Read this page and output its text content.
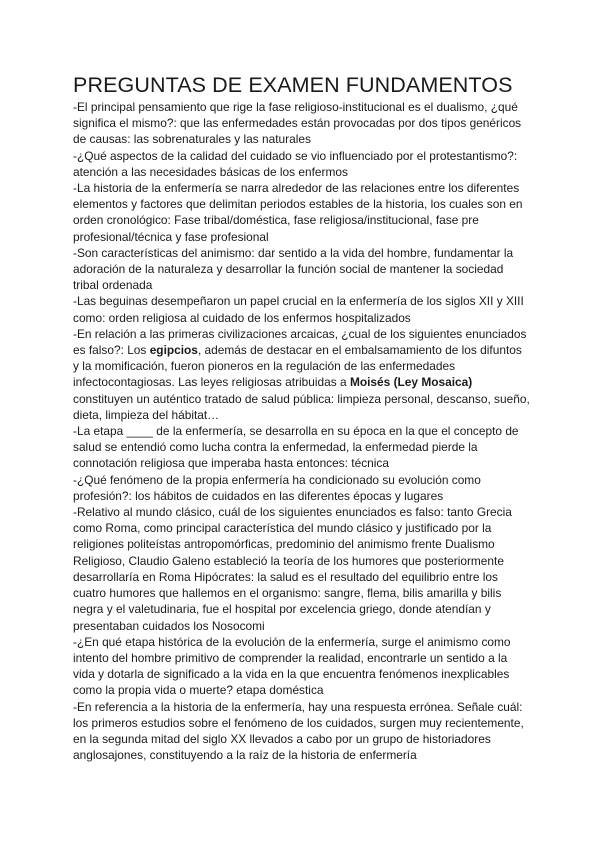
PREGUNTAS DE EXAMEN FUNDAMENTOS

-El principal pensamiento que rige la fase religioso-institucional es el dualismo, ¿qué significa el mismo?: que las enfermedades están provocadas por dos tipos genéricos de causas: las sobrenaturales y las naturales

-¿Qué aspectos de la calidad del cuidado se vio influenciado por el protestantismo?: atención a las necesidades básicas de los enfermos

-La historia de la enfermería se narra alrededor de las relaciones entre los diferentes elementos y factores que delimitan periodos estables de la historia, los cuales son en orden cronológico: Fase tribal/doméstica, fase religiosa/institucional, fase pre profesional/técnica y fase profesional

-Son características del animismo: dar sentido a la vida del hombre, fundamentar la adoración de la naturaleza y desarrollar la función social de mantener la sociedad tribal ordenada

-Las beguinas desempeñaron un papel crucial en la enfermería de los siglos XII y XIII como: orden religiosa al cuidado de los enfermos hospitalizados

-En relación a las primeras civilizaciones arcaicas, ¿cual de los siguientes enunciados es falso?: Los egipcios, además de destacar en el embalsamamiento de los difuntos y la momificación, fueron pioneros en la regulación de las enfermedades infectocontagiosas. Las leyes religiosas atribuidas a Moisés (Ley Mosaica) constituyen un auténtico tratado de salud pública: limpieza personal, descanso, sueño, dieta, limpieza del hábitat…

-La etapa ____ de la enfermería, se desarrolla en su época en la que el concepto de salud se entendió como lucha contra la enfermedad, la enfermedad pierde la connotación religiosa que imperaba hasta entonces: técnica

-¿Qué fenómeno de la propia enfermería ha condicionado su evolución como profesión?: los hábitos de cuidados en las diferentes épocas y lugares

-Relativo al mundo clásico, cuál de los siguientes enunciados es falso: tanto Grecia como Roma, como principal característica del mundo clásico y justificado por la religiones politeístas antropomórficas, predominio del animismo frente Dualismo Religioso, Claudio Galeno estableció la teoría de los humores que posteriormente desarrollaría en Roma Hipócrates: la salud es el resultado del equilibrio entre los cuatro humores que hallemos en el organismo: sangre, flema, bilis amarilla y bilis negra y el valetudinaria, fue el hospital por excelencia griego, donde atendían y presentaban cuidados los Nosocomi

-¿En qué etapa histórica de la evolución de la enfermería, surge el animismo como intento del hombre primitivo de comprender la realidad, encontrarle un sentido a la vida y dotarla de significado a la vida en la que encuentra fenómenos inexplicables como la propia vida o muerte? etapa doméstica

-En referencia a la historia de la enfermería, hay una respuesta errónea. Señale cuál: los primeros estudios sobre el fenómeno de los cuidados, surgen muy recientemente, en la segunda mitad del siglo XX llevados a cabo por un grupo de historiadores anglosajones, constituyendo a la raíz de la historia de enfermería
